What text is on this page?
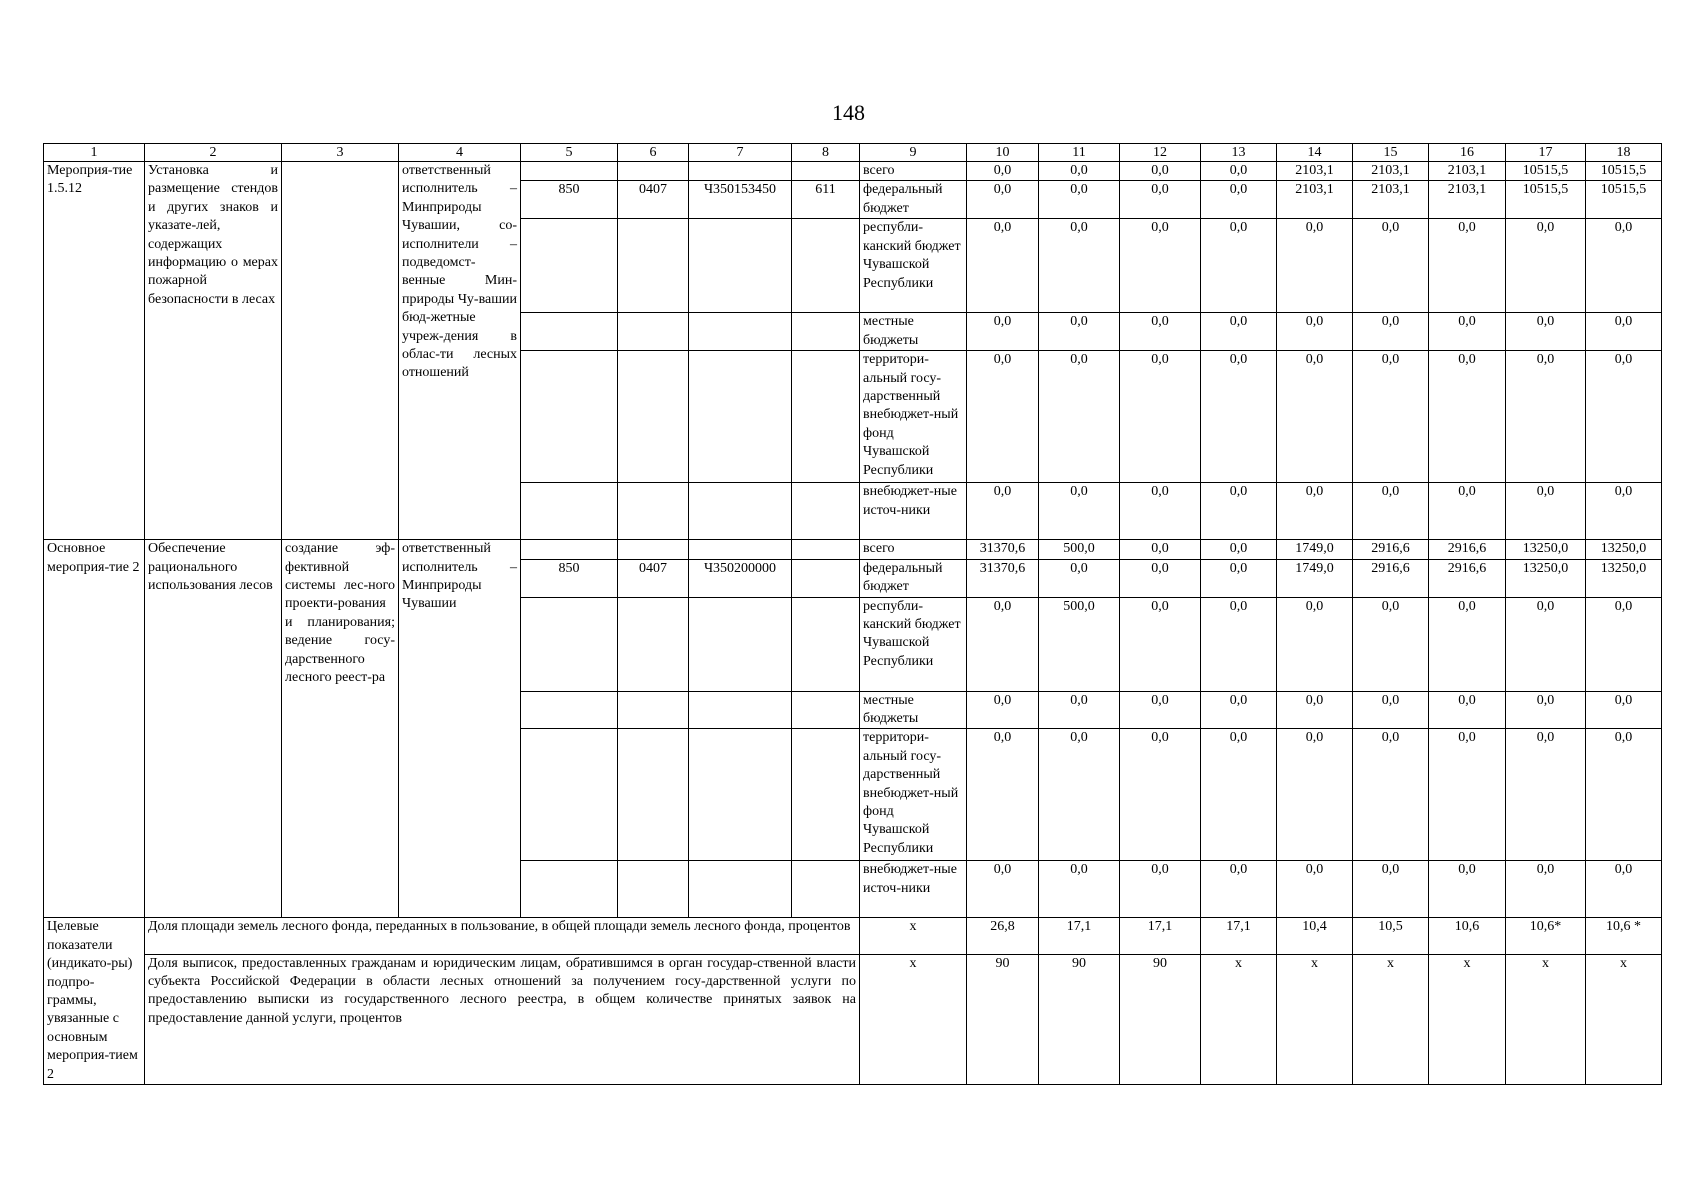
148
1	2	3	4	5	6	7	8	9	10	11	12	13	14	15	16	17	18
Мероприя-тие 1.5.12	Установка и размещение стендов и других знаков и указате-лей, содержащих информацию о мерах пожарной безопасности в лесах		ответственный исполнитель – Минприроды Чувашии, со-исполнители – подведомст-венные Мин-природы Чу-вашии бюд-жетные учреж-дения в облас-ти лесных отношений					всего	0,0	0,0	0,0	0,0	2103,1	2103,1	2103,1	10515,5	10515,5
				850	0407	Ч350153450	611	федеральный бюджет	0,0	0,0	0,0	0,0	2103,1	2103,1	2103,1	10515,5	10515,5
								республи-канский бюджет Чувашской Республики	0,0	0,0	0,0	0,0	0,0	0,0	0,0	0,0	0,0
								местные бюджеты	0,0	0,0	0,0	0,0	0,0	0,0	0,0	0,0	0,0
								территори-альный госу-дарственный внебюджет-ный фонд Чувашской Республики	0,0	0,0	0,0	0,0	0,0	0,0	0,0	0,0	0,0
								внебюджет-ные источ-ники	0,0	0,0	0,0	0,0	0,0	0,0	0,0	0,0	0,0
Основное мероприя-тие 2	Обеспечение рационального использования лесов	создание эф-фективной системы лес-ного проекти-рования и планирования; ведение госу-дарственного лесного реест-ра	ответственный исполнитель – Минприроды Чувашии					всего	31370,6	500,0	0,0	0,0	1749,0	2916,6	2916,6	13250,0	13250,0
				850	0407	Ч350200000		федеральный бюджет	31370,6	0,0	0,0	0,0	1749,0	2916,6	2916,6	13250,0	13250,0
								республи-канский бюджет Чувашской Республики	0,0	500,0	0,0	0,0	0,0	0,0	0,0	0,0	0,0
								местные бюджеты	0,0	0,0	0,0	0,0	0,0	0,0	0,0	0,0	0,0
								территори-альный госу-дарственный внебюджет-ный фонд Чувашской Республики	0,0	0,0	0,0	0,0	0,0	0,0	0,0	0,0	0,0
								внебюджет-ные источ-ники	0,0	0,0	0,0	0,0	0,0	0,0	0,0	0,0	0,0
Целевые показатели (индикато-ры) подпро-граммы, увязанные с основным мероприя-тием 2	Доля площади земель лесного фонда, переданных в пользование, в общей площади земель лесного фонда, процентов							x	26,8	17,1	17,1	17,1	10,4	10,5	10,6	10,6*	10,6 *
	Доля выписок, предоставленных гражданам и юридическим лицам, обратившимся в орган государ-ственной власти субъекта Российской Федерации в области лесных отношений за получением госу-дарственной услуги по предоставлению выписки из государственного лесного реестра, в общем количестве принятых заявок на предоставление данной услуги, процентов							x	90	90	90	x	x	x	x	x	x
